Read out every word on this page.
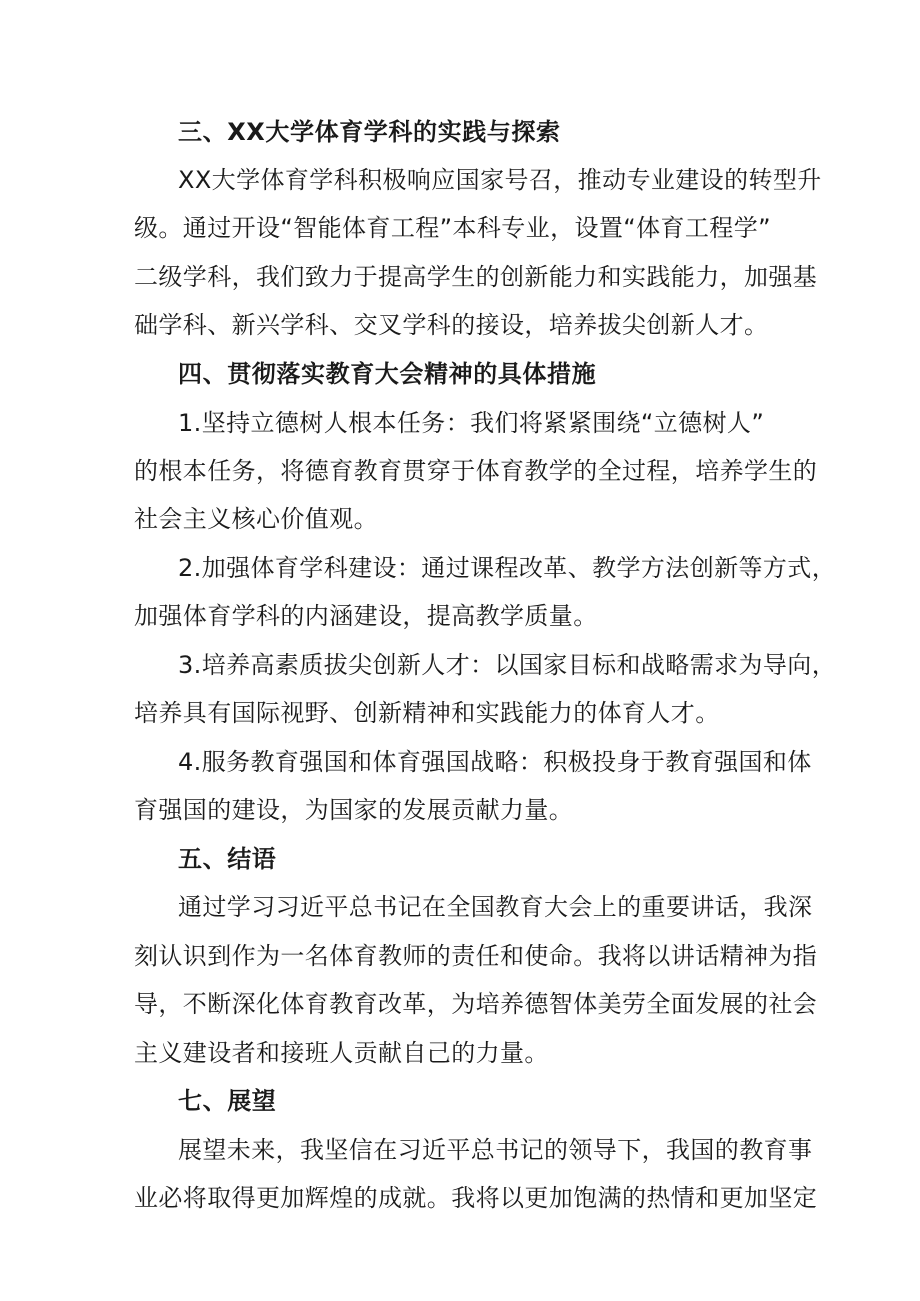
三、XX大学体育学科的实践与探索
XX大学体育学科积极响应国家号召，推动专业建设的转型升
级。通过开设“智能体育工程”本科专业，设置“体育工程学”
二级学科，我们致力于提高学生的创新能力和实践能力，加强基
础学科、新兴学科、交叉学科的接设，培养拔尖创新人才。
四、贯彻落实教育大会精神的具体措施
1.坚持立德树人根本任务：我们将紧紧围绕“立德树人”
的根本任务，将德育教育贯穿于体育教学的全过程，培养学生的
社会主义核心价值观。
2.加强体育学科建设：通过课程改革、教学方法创新等方式，
加强体育学科的内涵建设，提高教学质量。
3.培养高素质拔尖创新人才：以国家目标和战略需求为导向，
培养具有国际视野、创新精神和实践能力的体育人才。
4.服务教育强国和体育强国战略：积极投身于教育强国和体
育强国的建设，为国家的发展贡献力量。
五、结语
通过学习习近平总书记在全国教育大会上的重要讲话，我深
刻认识到作为一名体育教师的责任和使命。我将以讲话精神为指
导，不断深化体育教育改革，为培养德智体美劳全面发展的社会
主义建设者和接班人贡献自己的力量。
七、展望
展望未来，我坚信在习近平总书记的领导下，我国的教育事
业必将取得更加辉煌的成就。我将以更加饱满的热情和更加坚定
